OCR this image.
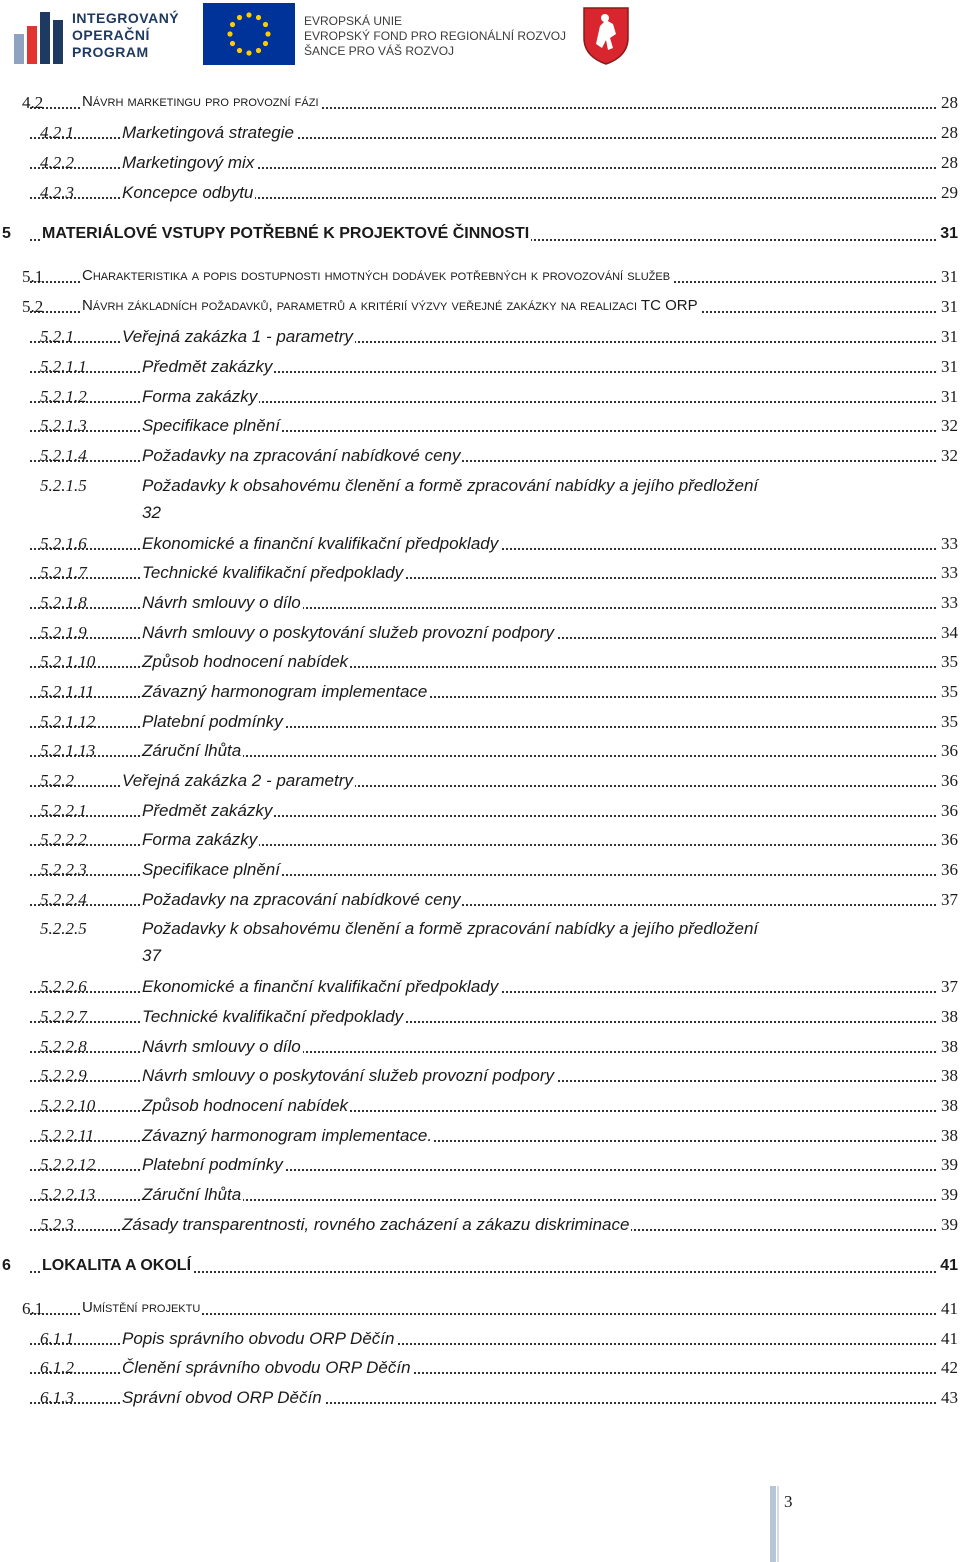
INTEGROVANÝ
OPERAČNÍ
PROGRAM
EVROPSKÁ UNIE
EVROPSKÝ FOND PRO REGIONÁLNÍ ROZVOJ
ŠANCE PRO VÁŠ ROZVOJ
4.2	Návrh marketingu pro provozní fázi	28
4.2.1	Marketingová strategie	28
4.2.2	Marketingový mix	28
4.2.3	Koncepce odbytu	29
5 MATERIÁLOVÉ VSTUPY POTŘEBNÉ K PROJEKTOVÉ ČINNOSTI	31
5.1	Charakteristika a popis dostupnosti hmotných dodávek potřebných k provozování služeb	31
5.2	Návrh základních požadavků, parametrů a kritérií výzvy veřejné zakázky na realizaci TC ORP	31
5.2.1	Veřejná zakázka 1 - parametry	31
5.2.1.1	Předmět zakázky	31
5.2.1.2	Forma zakázky	31
5.2.1.3	Specifikace plnění	32
5.2.1.4	Požadavky na zpracování nabídkové ceny	32
5.2.1.5	Požadavky k obsahovému členění a formě zpracování nabídky a jejího předložení
32
5.2.1.6	Ekonomické a finanční kvalifikační předpoklady	33
5.2.1.7	Technické kvalifikační předpoklady	33
5.2.1.8	Návrh smlouvy o dílo	33
5.2.1.9	Návrh smlouvy o poskytování služeb provozní podpory	34
5.2.1.10	Způsob hodnocení nabídek	35
5.2.1.11	Závazný harmonogram implementace	35
5.2.1.12	Platební podmínky	35
5.2.1.13	Záruční lhůta	36
5.2.2	Veřejná zakázka 2 - parametry	36
5.2.2.1	Předmět zakázky	36
5.2.2.2	Forma zakázky	36
5.2.2.3	Specifikace plnění	36
5.2.2.4	Požadavky na zpracování nabídkové ceny	37
5.2.2.5	Požadavky k obsahovému členění a formě zpracování nabídky a jejího předložení
37
5.2.2.6	Ekonomické a finanční kvalifikační předpoklady	37
5.2.2.7	Technické kvalifikační předpoklady	38
5.2.2.8	Návrh smlouvy o dílo	38
5.2.2.9	Návrh smlouvy o poskytování služeb provozní podpory	38
5.2.2.10	Způsob hodnocení nabídek	38
5.2.2.11	Závazný harmonogram implementace.	38
5.2.2.12	Platební podmínky	39
5.2.2.13	Záruční lhůta	39
5.2.3	Zásady transparentnosti, rovného zacházení a zákazu diskriminace	39
6 LOKALITA A OKOLÍ	41
6.1	Umístění projektu	41
6.1.1	Popis správního obvodu ORP Děčín	41
6.1.2	Členění správního obvodu ORP Děčín	42
6.1.3	Správní obvod ORP Děčín	43
3
